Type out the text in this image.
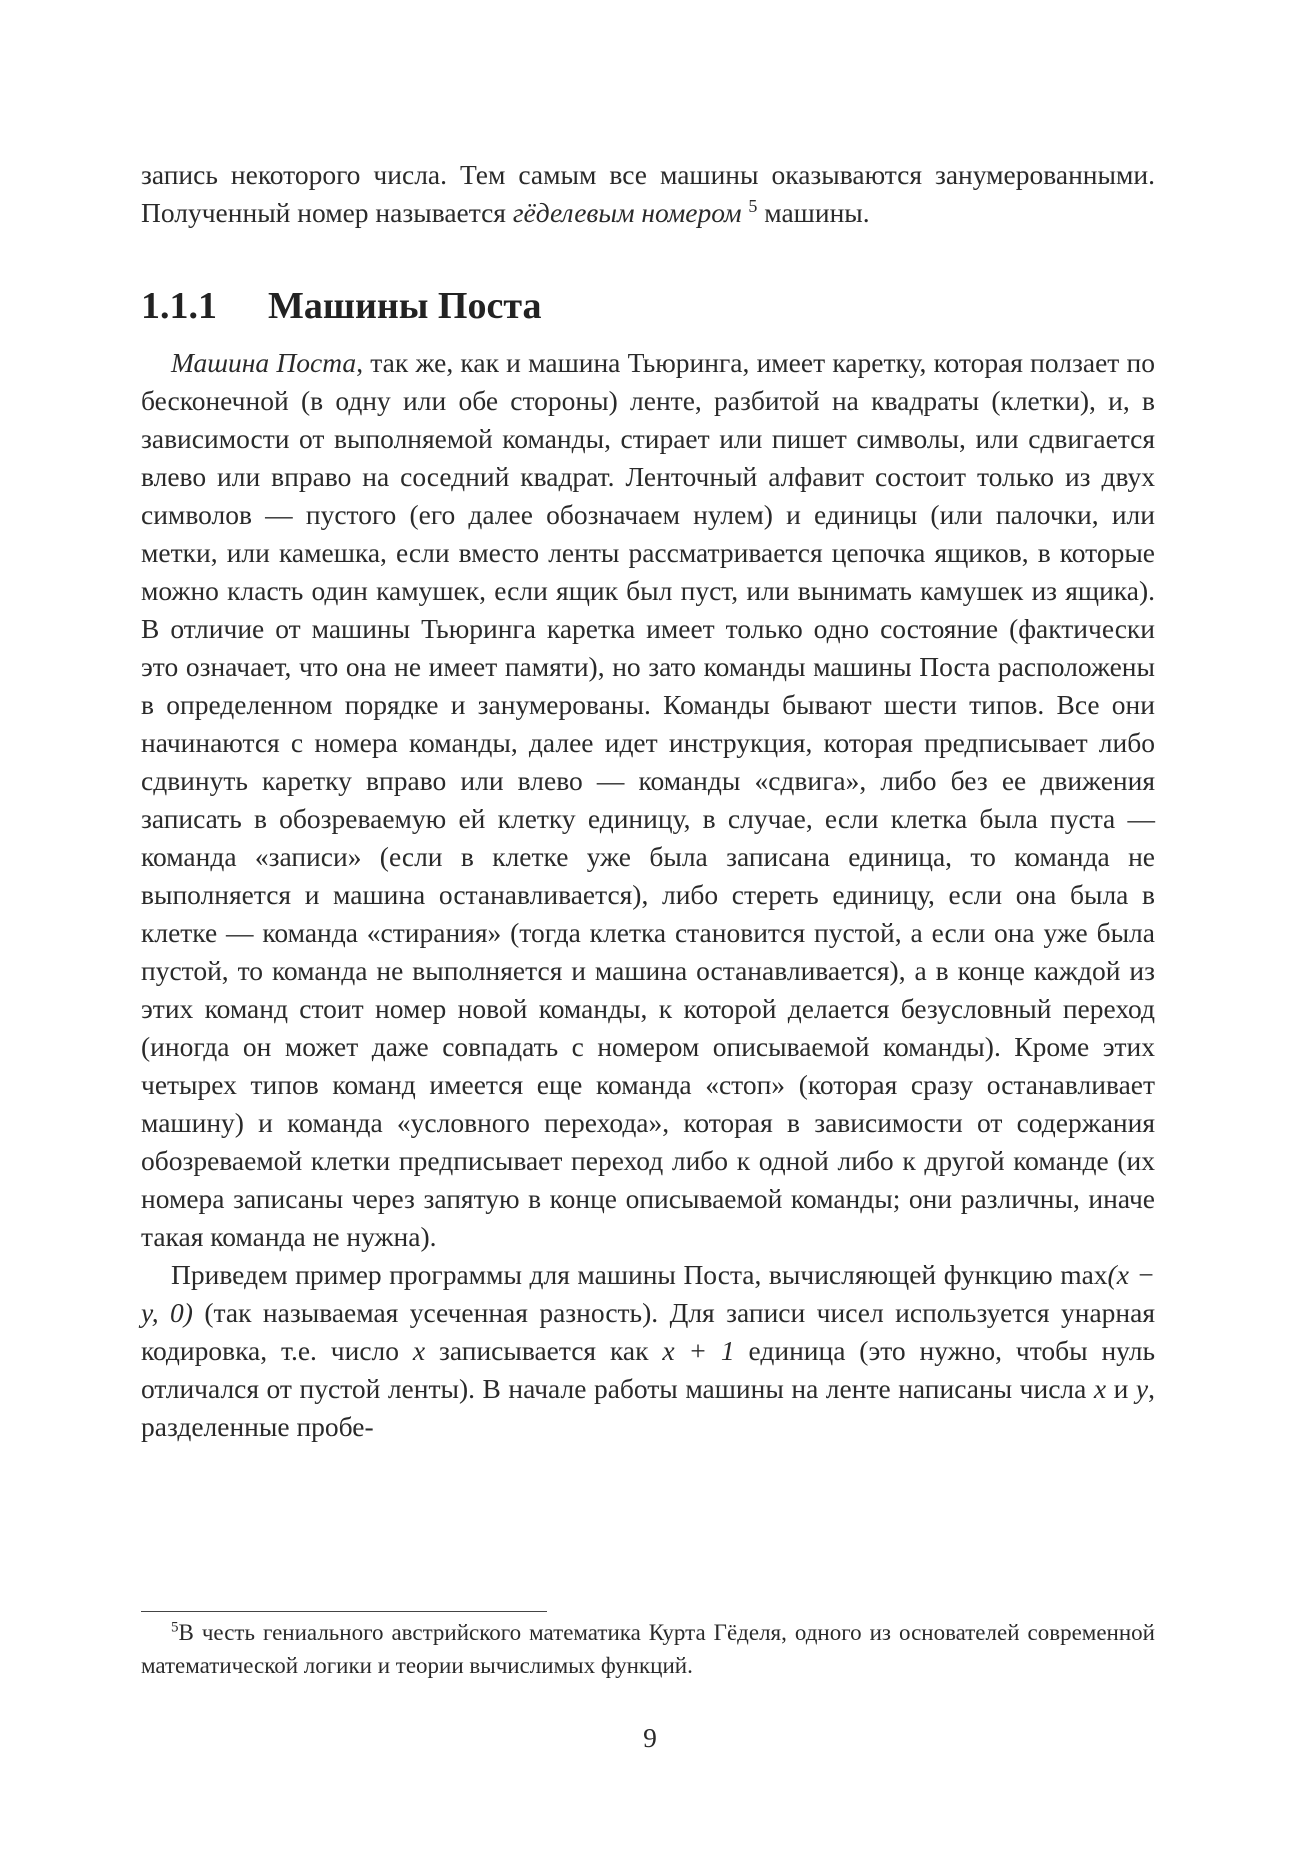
запись некоторого числа. Тем самым все машины оказываются занумерованными. Полученный номер называется гёделевым номером $^5$ машины.

1.1.1 Машины Поста

Машина Поста, так же, как и машина Тьюринга, имеет каретку, которая ползает по бесконечной (в одну или обе стороны) ленте, разбитой на квадраты (клетки), и, в зависимости от выполняемой команды, стирает или пишет символы, или сдвигается влево или вправо на соседний квадрат. Ленточный алфавит состоит только из двух символов — пустого (его далее обозначаем нулем) и единицы (или палочки, или метки, или камешка, если вместо ленты рассматривается цепочка ящиков, в которые можно класть один камушек, если ящик был пуст, или вынимать камушек из ящика). В отличие от машины Тьюринга каретка имеет только одно состояние (фактически это означает, что она не имеет памяти), но зато команды машины Поста расположены в определенном порядке и занумерованы. Команды бывают шести типов. Все они начинаются с номера команды, далее идет инструкция, которая предписывает либо сдвинуть каретку вправо или влево — команды «сдвига», либо без ее движения записать в обозреваемую ей клетку единицу, в случае, если клетка была пуста — команда «записи» (если в клетке уже была записана единица, то команда не выполняется и машина останавливается), либо стереть единицу, если она была в клетке — команда «стирания» (тогда клетка становится пустой, а если она уже была пустой, то команда не выполняется и машина останавливается), а в конце каждой из этих команд стоит номер новой команды, к которой делается безусловный переход (иногда он может даже совпадать с номером описываемой команды). Кроме этих четырех типов команд имеется еще команда «стоп» (которая сразу останавливает машину) и команда «условного перехода», которая в зависимости от содержания обозреваемой клетки предписывает переход либо к одной либо к другой команде (их номера записаны через запятую в конце описываемой команды; они различны, иначе такая команда не нужна).

Приведем пример программы для машины Поста, вычисляющей функцию max(x − y, 0) (так называемая усеченная разность). Для записи чисел используется унарная кодировка, т.е. число x записывается как x + 1 единица (это нужно, чтобы нуль отличался от пустой ленты). В начале работы машины на ленте написаны числа x и y, разделенные пробе-

$^5$В честь гениального австрийского математика Курта Гёделя, одного из основателей современной математической логики и теории вычислимых функций.

9
